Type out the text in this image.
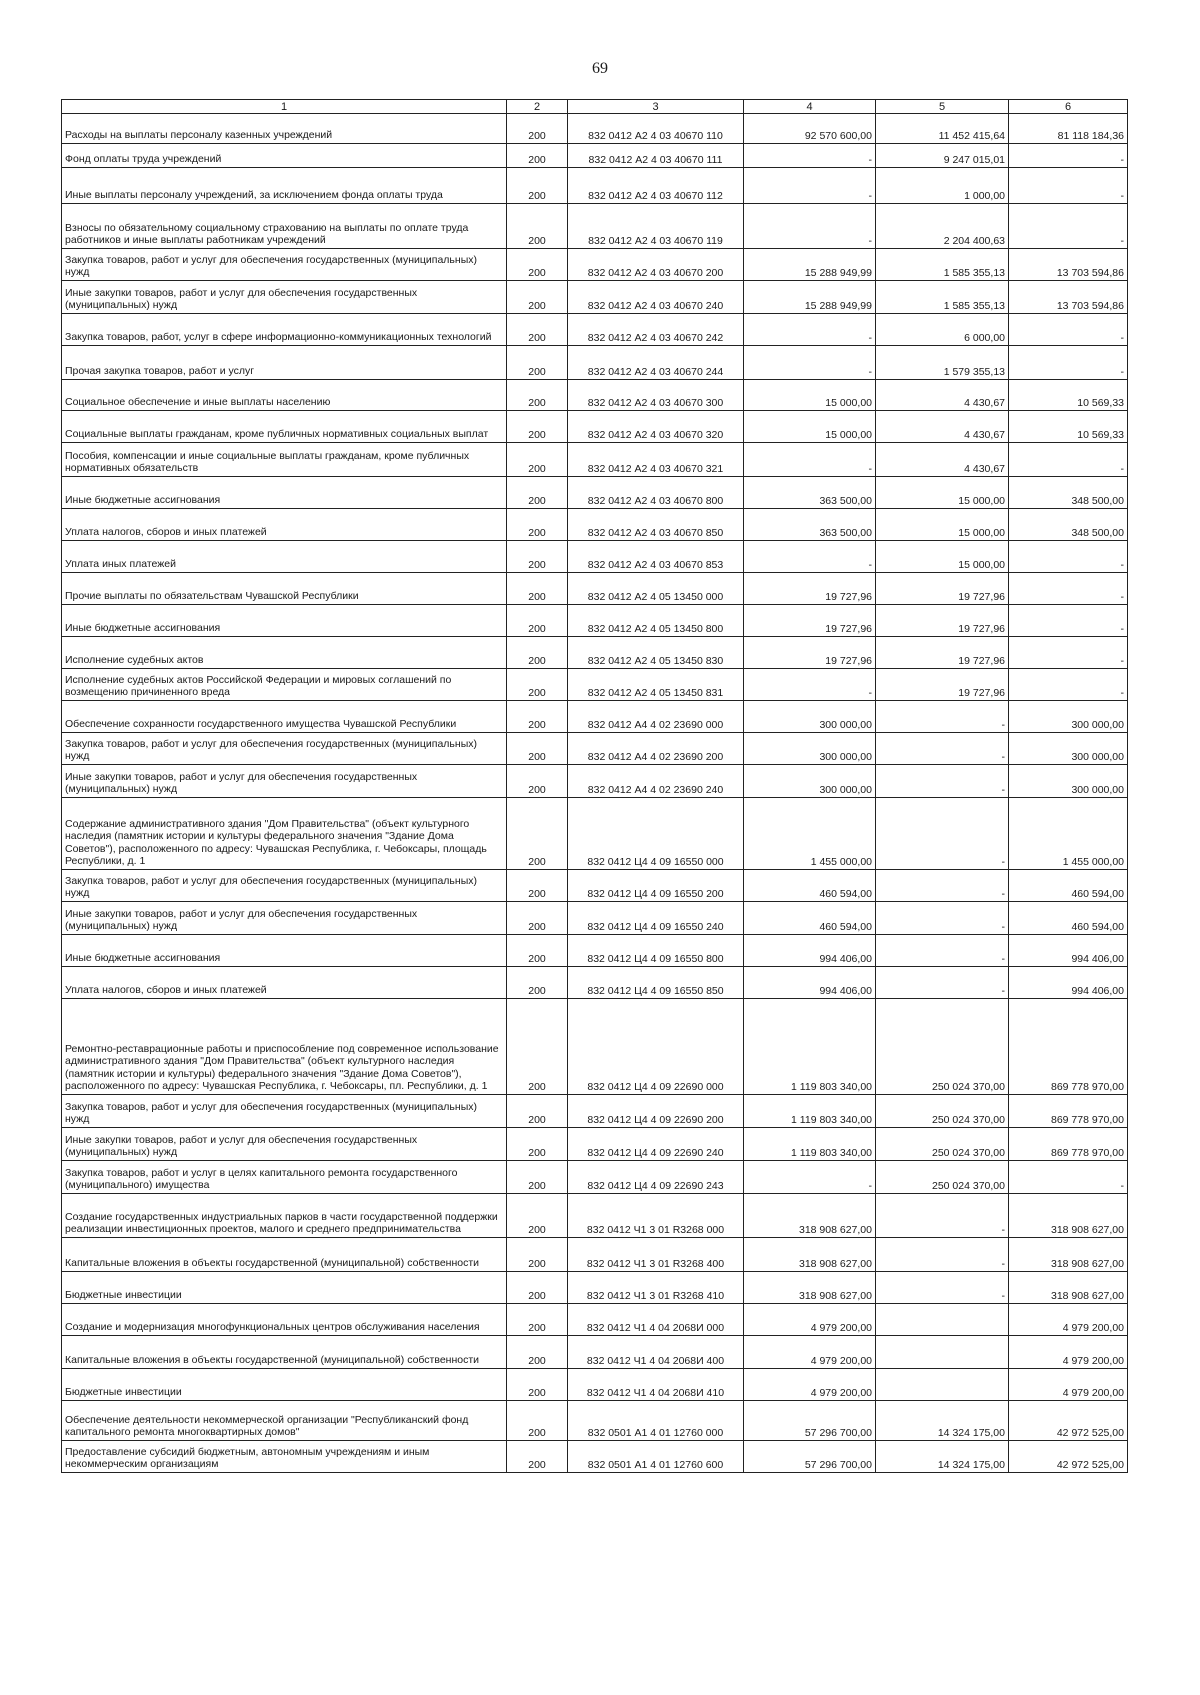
69
1	2	3	4	5	6
Расходы на выплаты персоналу казенных учреждений	200	832 0412 А2 4 03 40670 110	92 570 600,00	11 452 415,64	81 118 184,36
Фонд оплаты труда учреждений	200	832 0412 А2 4 03 40670 111	-	9 247 015,01	-
Иные выплаты персоналу учреждений, за исключением фонда оплаты труда	200	832 0412 А2 4 03 40670 112	-	1 000,00	-
Взносы по обязательному социальному страхованию на выплаты по оплате труда работников и иные выплаты работникам учреждений	200	832 0412 А2 4 03 40670 119	-	2 204 400,63	-
Закупка товаров, работ и услуг для обеспечения государственных (муниципальных) нужд	200	832 0412 А2 4 03 40670 200	15 288 949,99	1 585 355,13	13 703 594,86
Иные закупки товаров, работ и услуг для обеспечения государственных (муниципальных) нужд	200	832 0412 А2 4 03 40670 240	15 288 949,99	1 585 355,13	13 703 594,86
Закупка товаров, работ, услуг в сфере информационно-коммуникационных технологий	200	832 0412 А2 4 03 40670 242	-	6 000,00	-
Прочая закупка товаров, работ и услуг	200	832 0412 А2 4 03 40670 244	-	1 579 355,13	-
Социальное обеспечение и иные выплаты населению	200	832 0412 А2 4 03 40670 300	15 000,00	4 430,67	10 569,33
Социальные выплаты гражданам, кроме публичных нормативных социальных выплат	200	832 0412 А2 4 03 40670 320	15 000,00	4 430,67	10 569,33
Пособия, компенсации и иные социальные выплаты гражданам, кроме публичных нормативных обязательств	200	832 0412 А2 4 03 40670 321	-	4 430,67	-
Иные бюджетные ассигнования	200	832 0412 А2 4 03 40670 800	363 500,00	15 000,00	348 500,00
Уплата налогов, сборов и иных платежей	200	832 0412 А2 4 03 40670 850	363 500,00	15 000,00	348 500,00
Уплата иных платежей	200	832 0412 А2 4 03 40670 853	-	15 000,00	-
Прочие выплаты по обязательствам Чувашской Республики	200	832 0412 А2 4 05 13450 000	19 727,96	19 727,96	-
Иные бюджетные ассигнования	200	832 0412 А2 4 05 13450 800	19 727,96	19 727,96	-
Исполнение судебных актов	200	832 0412 А2 4 05 13450 830	19 727,96	19 727,96	-
Исполнение судебных актов Российской Федерации и мировых соглашений по возмещению причиненного вреда	200	832 0412 А2 4 05 13450 831	-	19 727,96	-
Обеспечение сохранности государственного имущества Чувашской Республики	200	832 0412 А4 4 02 23690 000	300 000,00	-	300 000,00
Закупка товаров, работ и услуг для обеспечения государственных (муниципальных) нужд	200	832 0412 А4 4 02 23690 200	300 000,00	-	300 000,00
Иные закупки товаров, работ и услуг для обеспечения государственных (муниципальных) нужд	200	832 0412 А4 4 02 23690 240	300 000,00	-	300 000,00
Содержание административного здания "Дом Правительства" (объект культурного наследия (памятник истории и культуры федерального значения "Здание Дома Советов"), расположенного по адресу: Чувашская Республика, г. Чебоксары, площадь Республики, д. 1	200	832 0412 Ц4 4 09 16550 000	1 455 000,00	-	1 455 000,00
Закупка товаров, работ и услуг для обеспечения государственных (муниципальных) нужд	200	832 0412 Ц4 4 09 16550 200	460 594,00	-	460 594,00
Иные закупки товаров, работ и услуг для обеспечения государственных (муниципальных) нужд	200	832 0412 Ц4 4 09 16550 240	460 594,00	-	460 594,00
Иные бюджетные ассигнования	200	832 0412 Ц4 4 09 16550 800	994 406,00	-	994 406,00
Уплата налогов, сборов и иных платежей	200	832 0412 Ц4 4 09 16550 850	994 406,00	-	994 406,00
Ремонтно-реставрационные работы и приспособление под современное использование административного здания "Дом Правительства" (объект культурного наследия (памятник истории и культуры) федерального значения "Здание Дома Советов"), расположенного по адресу: Чувашская Республика, г. Чебоксары, пл. Республики, д. 1	200	832 0412 Ц4 4 09 22690 000	1 119 803 340,00	250 024 370,00	869 778 970,00
Закупка товаров, работ и услуг для обеспечения государственных (муниципальных) нужд	200	832 0412 Ц4 4 09 22690 200	1 119 803 340,00	250 024 370,00	869 778 970,00
Иные закупки товаров, работ и услуг для обеспечения государственных (муниципальных) нужд	200	832 0412 Ц4 4 09 22690 240	1 119 803 340,00	250 024 370,00	869 778 970,00
Закупка товаров, работ и услуг в целях капитального ремонта государственного (муниципального) имущества	200	832 0412 Ц4 4 09 22690 243	-	250 024 370,00	-
Создание государственных индустриальных парков в части государственной поддержки реализации инвестиционных проектов, малого и среднего предпринимательства	200	832 0412 Ч1 3 01 R3268 000	318 908 627,00	-	318 908 627,00
Капитальные вложения в объекты государственной (муниципальной) собственности	200	832 0412 Ч1 3 01 R3268 400	318 908 627,00	-	318 908 627,00
Бюджетные инвестиции	200	832 0412 Ч1 3 01 R3268 410	318 908 627,00	-	318 908 627,00
Создание и модернизация многофункциональных центров обслуживания населения	200	832 0412 Ч1 4 04 2068И 000	4 979 200,00		4 979 200,00
Капитальные вложения в объекты государственной (муниципальной) собственности	200	832 0412 Ч1 4 04 2068И 400	4 979 200,00		4 979 200,00
Бюджетные инвестиции	200	832 0412 Ч1 4 04 2068И 410	4 979 200,00		4 979 200,00
Обеспечение деятельности некоммерческой организации "Республиканский фонд капитального ремонта многоквартирных домов"	200	832 0501 А1 4 01 12760 000	57 296 700,00	14 324 175,00	42 972 525,00
Предоставление субсидий бюджетным, автономным учреждениям и иным некоммерческим организациям	200	832 0501 А1 4 01 12760 600	57 296 700,00	14 324 175,00	42 972 525,00
